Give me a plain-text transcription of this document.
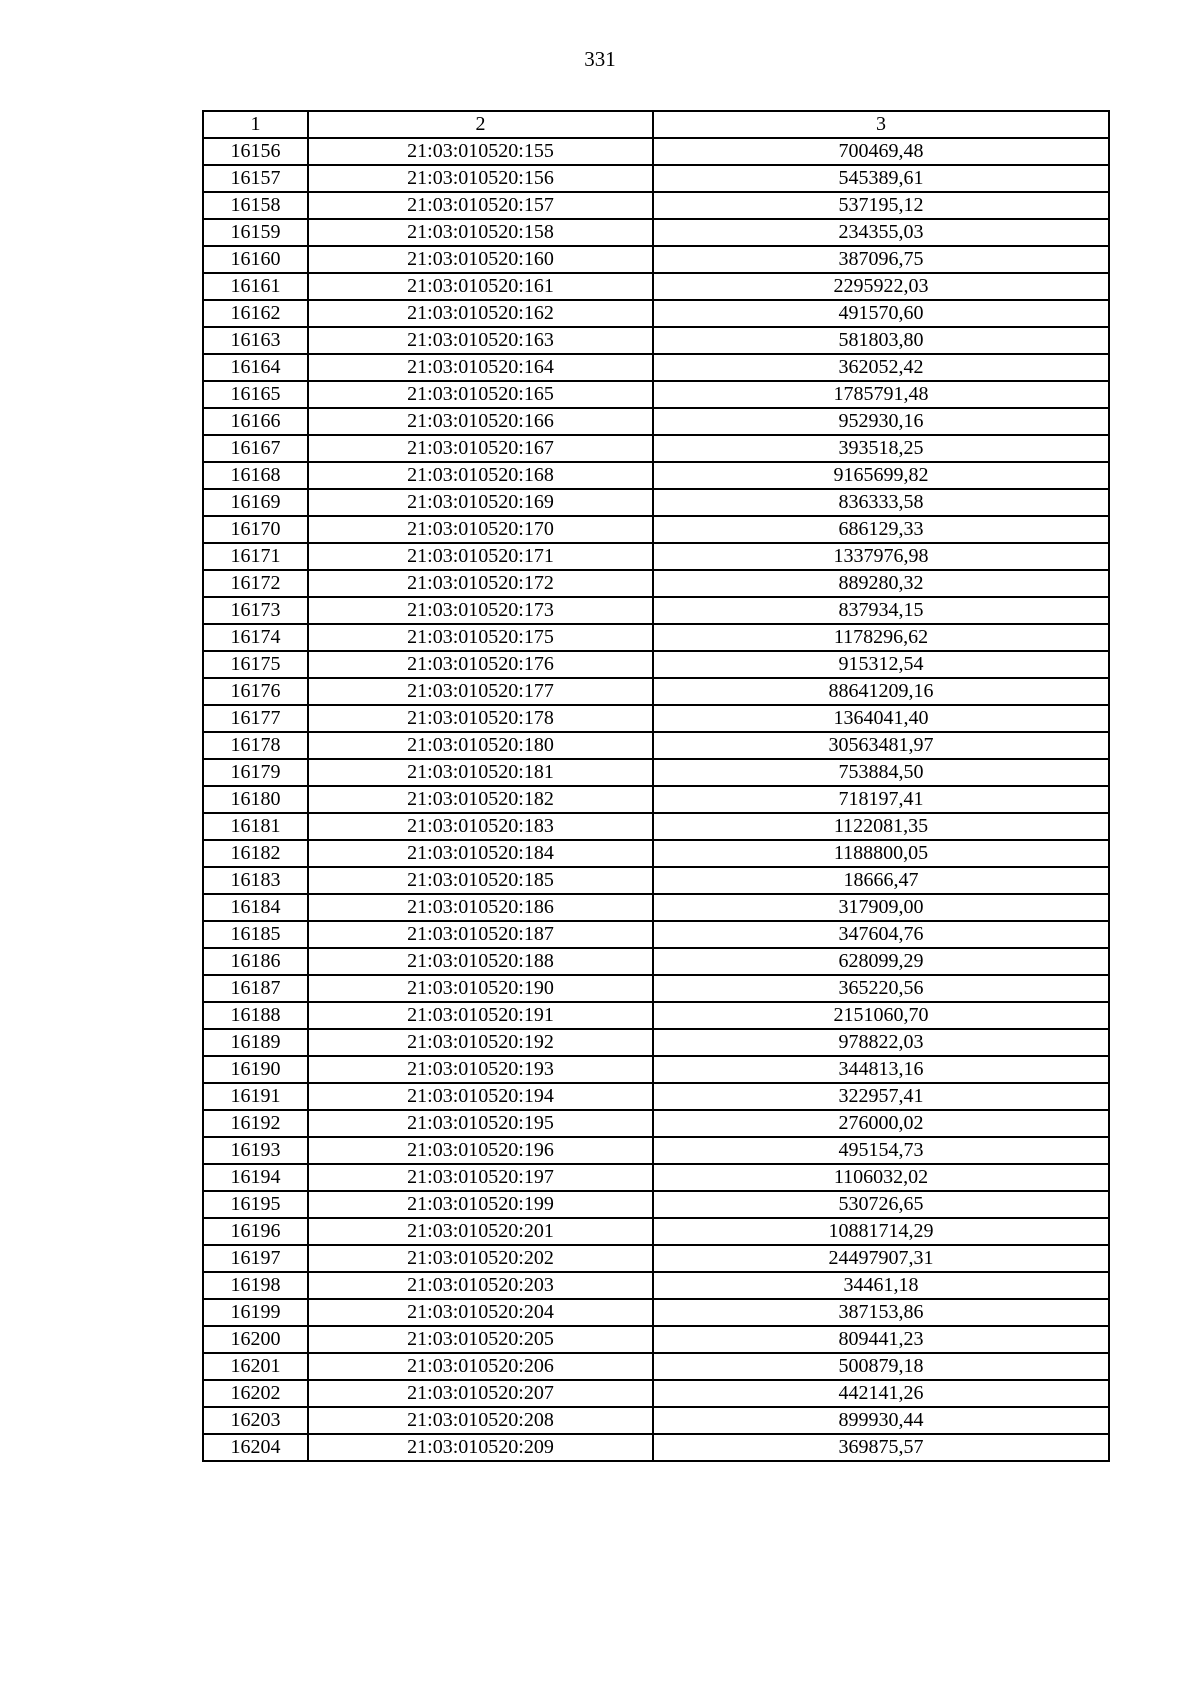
331
1	2	3
16156	21:03:010520:155	700469,48
16157	21:03:010520:156	545389,61
16158	21:03:010520:157	537195,12
16159	21:03:010520:158	234355,03
16160	21:03:010520:160	387096,75
16161	21:03:010520:161	2295922,03
16162	21:03:010520:162	491570,60
16163	21:03:010520:163	581803,80
16164	21:03:010520:164	362052,42
16165	21:03:010520:165	1785791,48
16166	21:03:010520:166	952930,16
16167	21:03:010520:167	393518,25
16168	21:03:010520:168	9165699,82
16169	21:03:010520:169	836333,58
16170	21:03:010520:170	686129,33
16171	21:03:010520:171	1337976,98
16172	21:03:010520:172	889280,32
16173	21:03:010520:173	837934,15
16174	21:03:010520:175	1178296,62
16175	21:03:010520:176	915312,54
16176	21:03:010520:177	88641209,16
16177	21:03:010520:178	1364041,40
16178	21:03:010520:180	30563481,97
16179	21:03:010520:181	753884,50
16180	21:03:010520:182	718197,41
16181	21:03:010520:183	1122081,35
16182	21:03:010520:184	1188800,05
16183	21:03:010520:185	18666,47
16184	21:03:010520:186	317909,00
16185	21:03:010520:187	347604,76
16186	21:03:010520:188	628099,29
16187	21:03:010520:190	365220,56
16188	21:03:010520:191	2151060,70
16189	21:03:010520:192	978822,03
16190	21:03:010520:193	344813,16
16191	21:03:010520:194	322957,41
16192	21:03:010520:195	276000,02
16193	21:03:010520:196	495154,73
16194	21:03:010520:197	1106032,02
16195	21:03:010520:199	530726,65
16196	21:03:010520:201	10881714,29
16197	21:03:010520:202	24497907,31
16198	21:03:010520:203	34461,18
16199	21:03:010520:204	387153,86
16200	21:03:010520:205	809441,23
16201	21:03:010520:206	500879,18
16202	21:03:010520:207	442141,26
16203	21:03:010520:208	899930,44
16204	21:03:010520:209	369875,57
